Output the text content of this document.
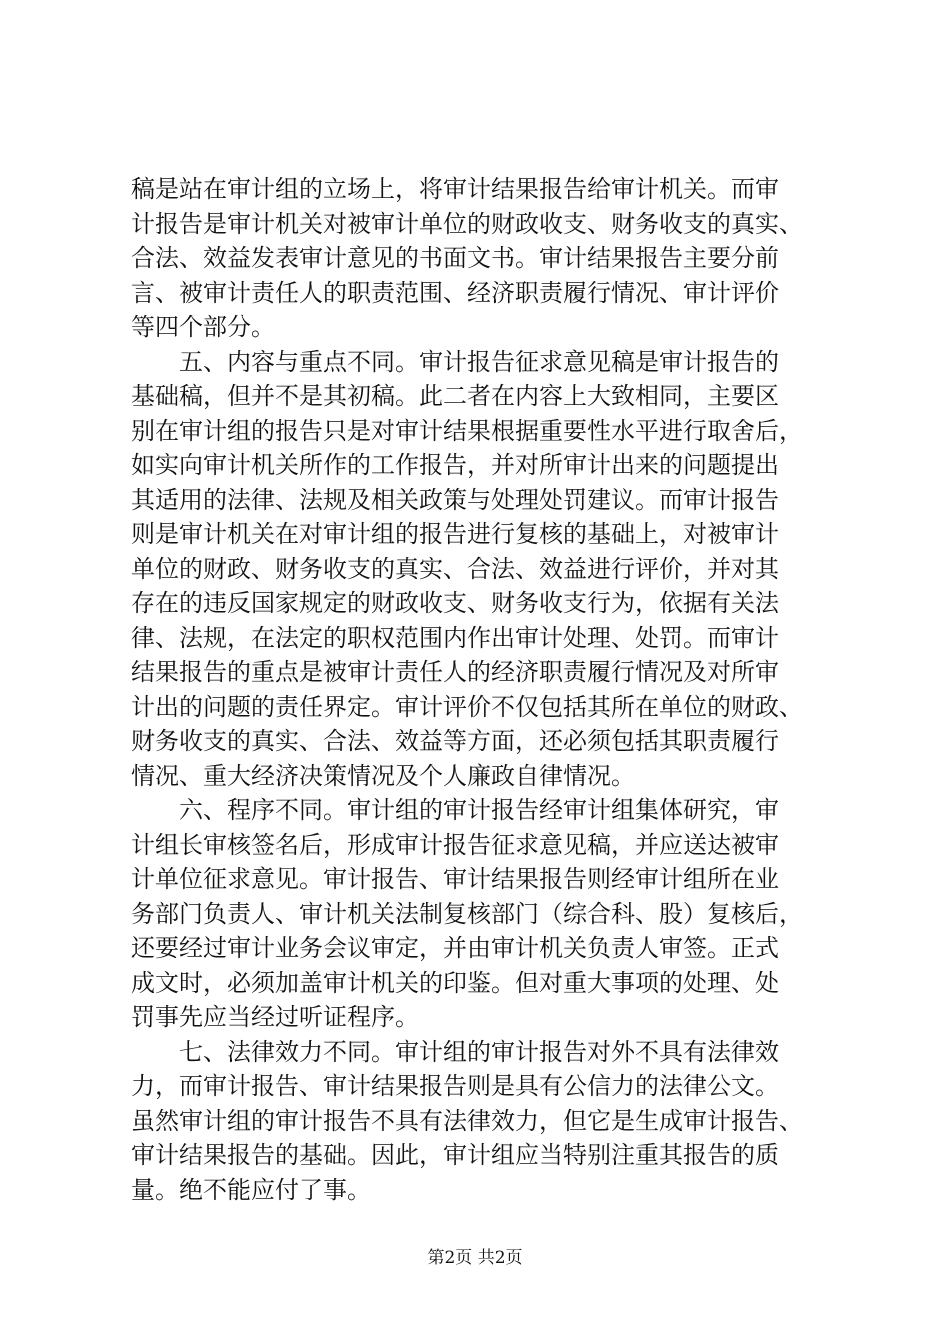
稿是站在审计组的立场上，将审计结果报告给审计机关。而审
计报告是审计机关对被审计单位的财政收支、财务收支的真实、
合法、效益发表审计意见的书面文书。审计结果报告主要分前
言、被审计责任人的职责范围、经济职责履行情况、审计评价
等四个部分。
五、内容与重点不同。审计报告征求意见稿是审计报告的
基础稿，但并不是其初稿。此二者在内容上大致相同，主要区
别在审计组的报告只是对审计结果根据重要性水平进行取舍后，
如实向审计机关所作的工作报告，并对所审计出来的问题提出
其适用的法律、法规及相关政策与处理处罚建议。而审计报告
则是审计机关在对审计组的报告进行复核的基础上，对被审计
单位的财政、财务收支的真实、合法、效益进行评价，并对其
存在的违反国家规定的财政收支、财务收支行为，依据有关法
律、法规，在法定的职权范围内作出审计处理、处罚。而审计
结果报告的重点是被审计责任人的经济职责履行情况及对所审
计出的问题的责任界定。审计评价不仅包括其所在单位的财政、
财务收支的真实、合法、效益等方面，还必须包括其职责履行
情况、重大经济决策情况及个人廉政自律情况。
六、程序不同。审计组的审计报告经审计组集体研究，审
计组长审核签名后，形成审计报告征求意见稿，并应送达被审
计单位征求意见。审计报告、审计结果报告则经审计组所在业
务部门负责人、审计机关法制复核部门（综合科、股）复核后，
还要经过审计业务会议审定，并由审计机关负责人审签。正式
成文时，必须加盖审计机关的印鉴。但对重大事项的处理、处
罚事先应当经过听证程序。
七、法律效力不同。审计组的审计报告对外不具有法律效
力，而审计报告、审计结果报告则是具有公信力的法律公文。
虽然审计组的审计报告不具有法律效力，但它是生成审计报告、
审计结果报告的基础。因此，审计组应当特别注重其报告的质
量。绝不能应付了事。
第2页 共2页
